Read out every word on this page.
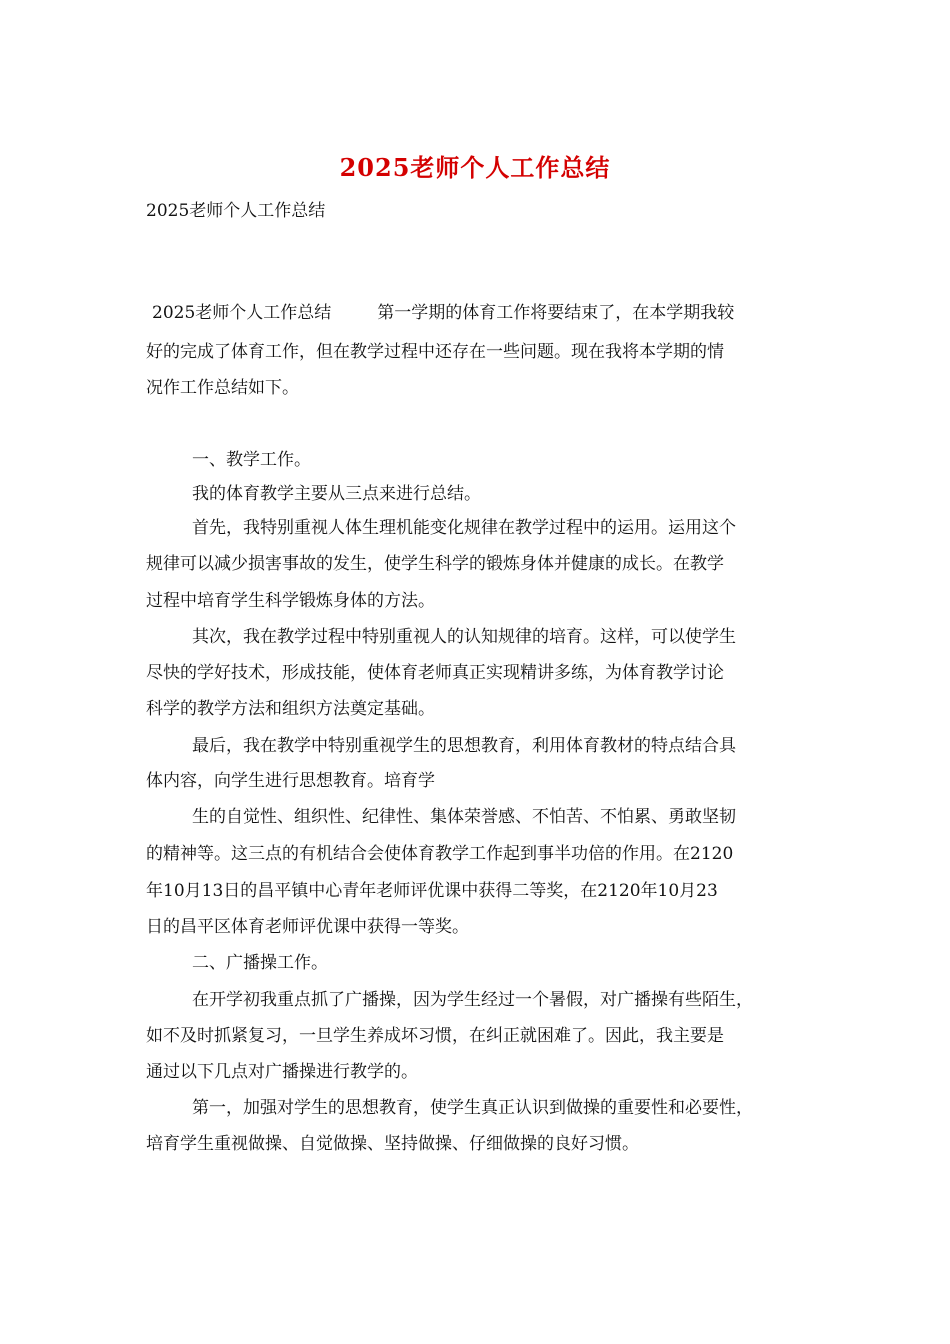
2025老师个人工作总结
2025老师个人工作总结
2025老师个人工作总结	第一学期的体育工作将要结束了，在本学期我较
好的完成了体育工作，但在教学过程中还存在一些问题。现在我将本学期的情
况作工作总结如下。
一、教学工作。
我的体育教学主要从三点来进行总结。
首先，我特别重视人体生理机能变化规律在教学过程中的运用。运用这个
规律可以减少损害事故的发生，使学生科学的锻炼身体并健康的成长。在教学
过程中培育学生科学锻炼身体的方法。
其次，我在教学过程中特别重视人的认知规律的培育。这样，可以使学生
尽快的学好技术，形成技能，使体育老师真正实现精讲多练，为体育教学讨论
科学的教学方法和组织方法奠定基础。
最后，我在教学中特别重视学生的思想教育，利用体育教材的特点结合具
体内容，向学生进行思想教育。培育学
生的自觉性、组织性、纪律性、集体荣誉感、不怕苦、不怕累、勇敢坚韧
的精神等。这三点的有机结合会使体育教学工作起到事半功倍的作用。在2120
年10月13日的昌平镇中心青年老师评优课中获得二等奖，在2120年10月23
日的昌平区体育老师评优课中获得一等奖。
二、广播操工作。
在开学初我重点抓了广播操，因为学生经过一个暑假，对广播操有些陌生，
如不及时抓紧复习，一旦学生养成坏习惯，在纠正就困难了。因此，我主要是
通过以下几点对广播操进行教学的。
第一，加强对学生的思想教育，使学生真正认识到做操的重要性和必要性，
培育学生重视做操、自觉做操、坚持做操、仔细做操的良好习惯。
